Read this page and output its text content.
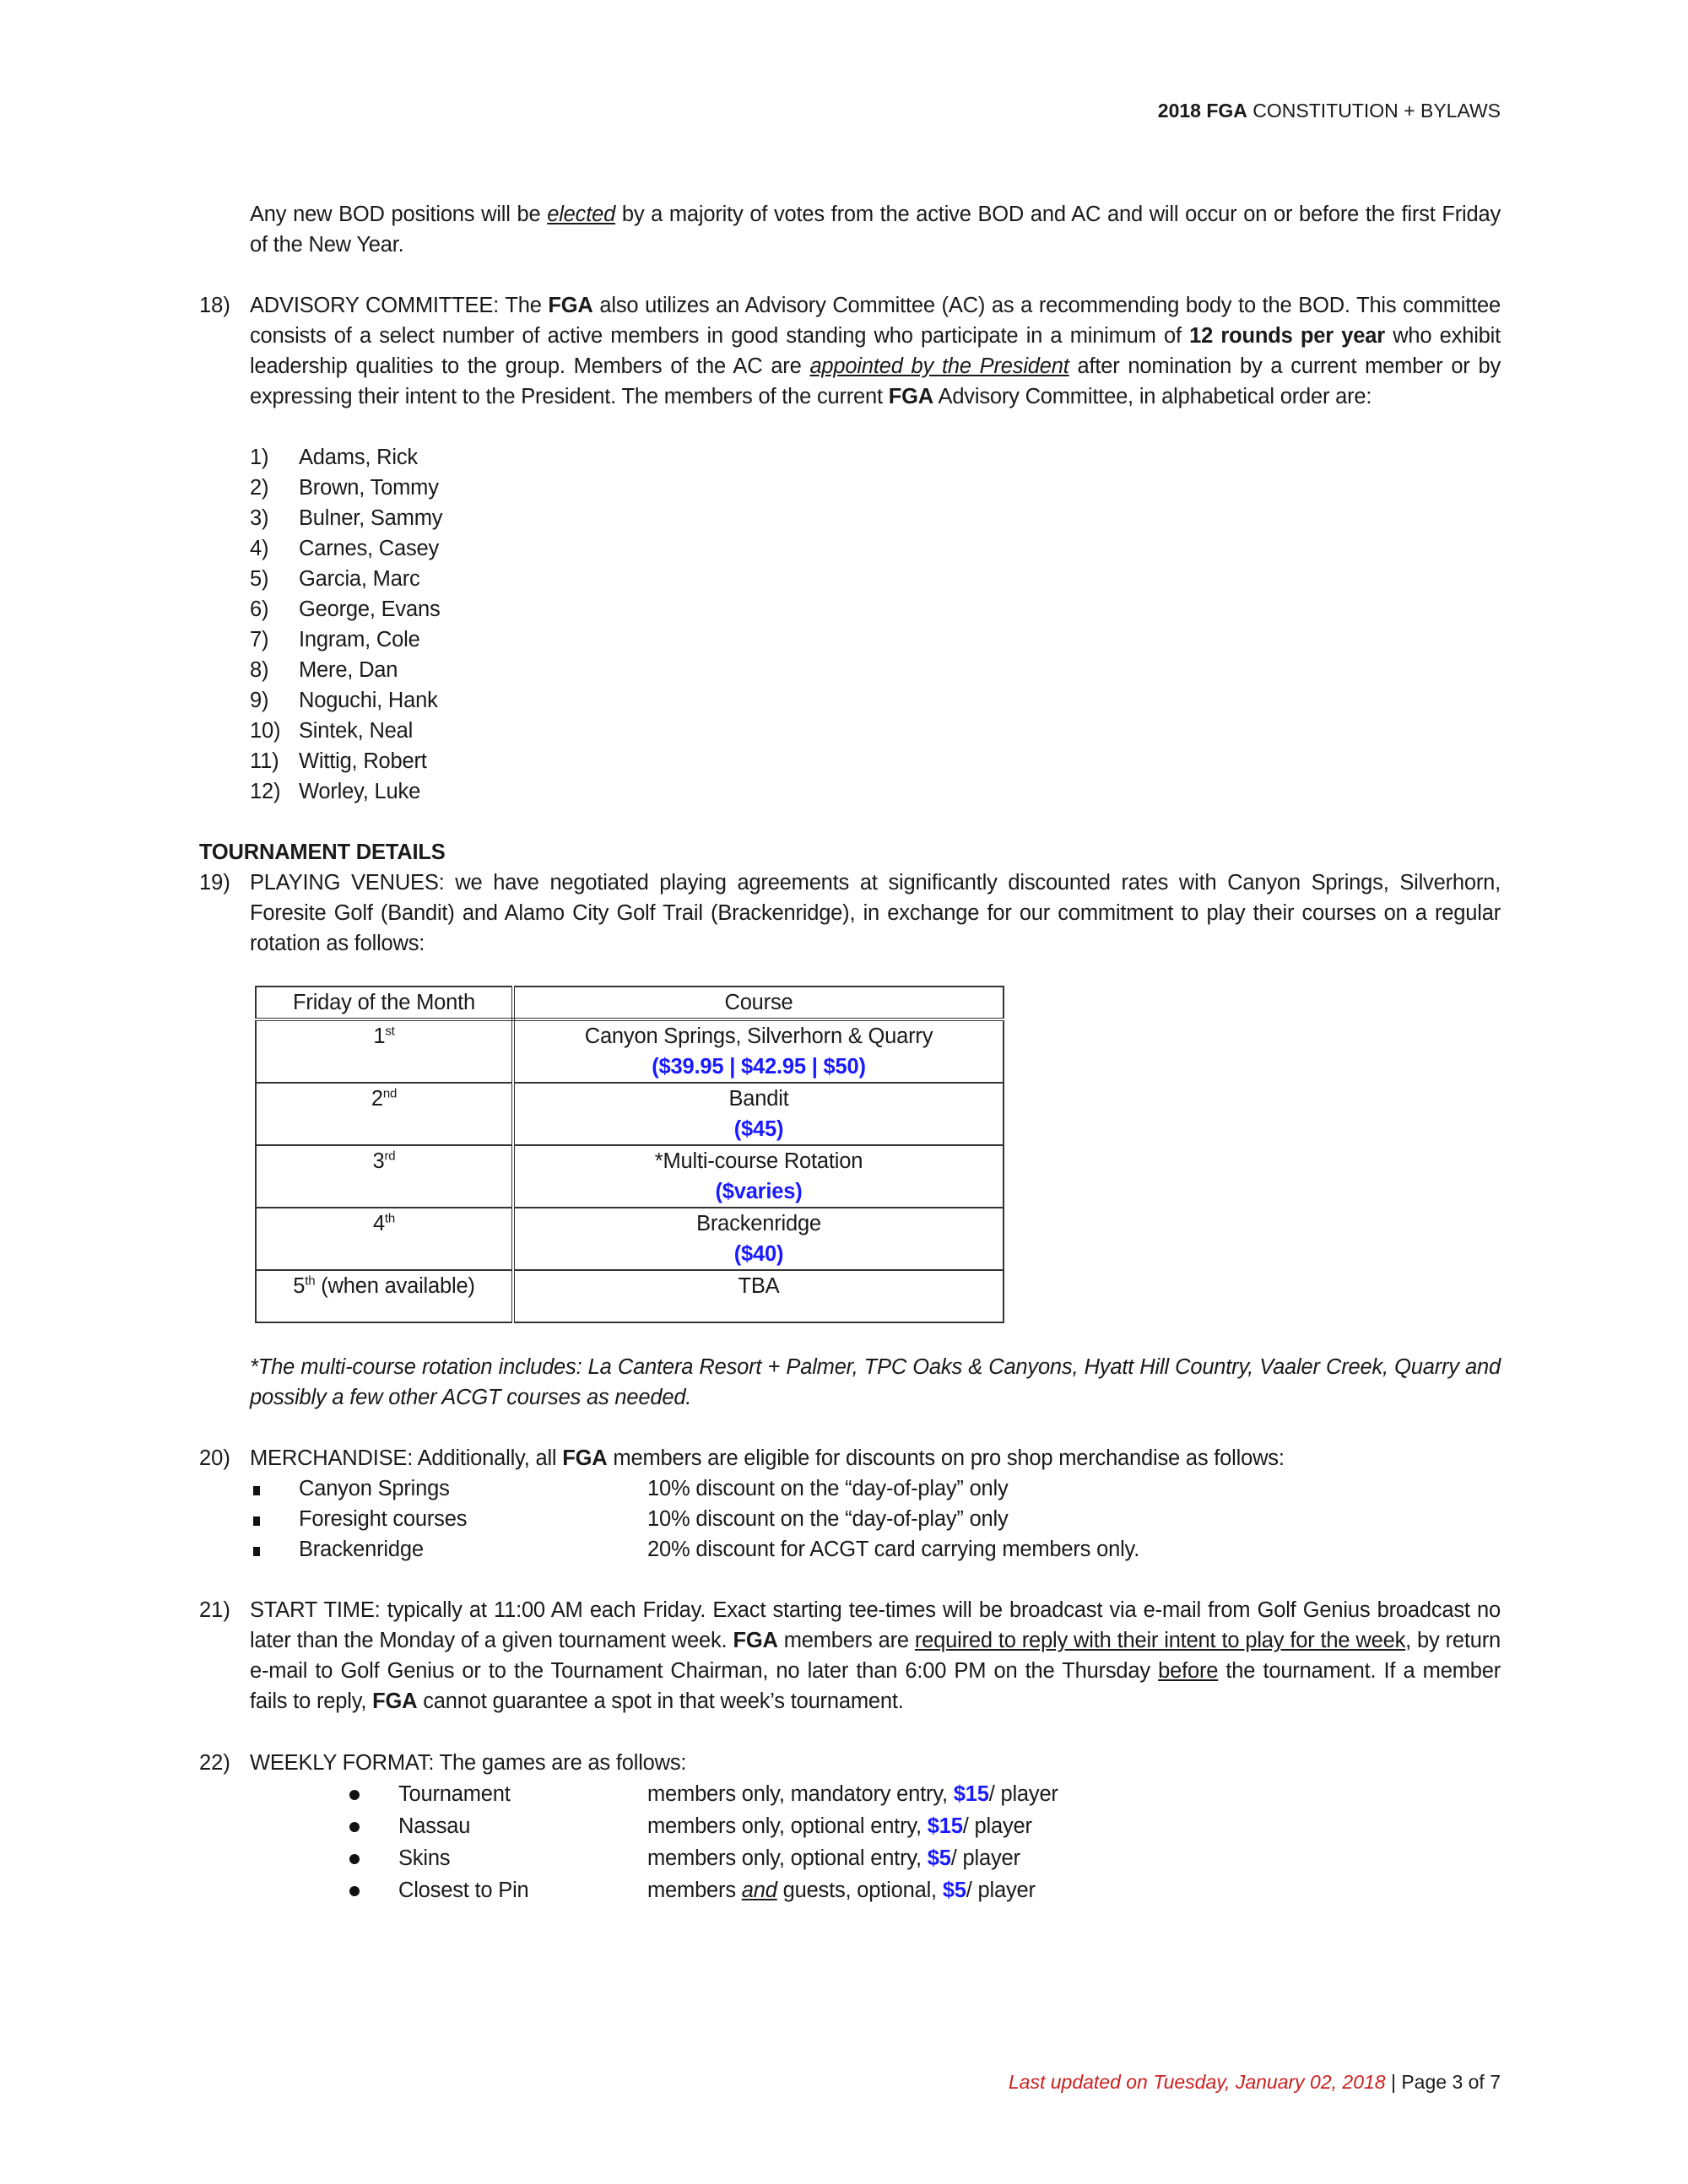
2018 FGA CONSTITUTION + BYLAWS
Any new BOD positions will be elected by a majority of votes from the active BOD and AC and will occur on or before the first Friday of the New Year.
18) ADVISORY COMMITTEE: The FGA also utilizes an Advisory Committee (AC) as a recommending body to the BOD. This committee consists of a select number of active members in good standing who participate in a minimum of 12 rounds per year who exhibit leadership qualities to the group. Members of the AC are appointed by the President after nomination by a current member or by expressing their intent to the President. The members of the current FGA Advisory Committee, in alphabetical order are:
1) Adams, Rick
2) Brown, Tommy
3) Bulner, Sammy
4) Carnes, Casey
5) Garcia, Marc
6) George, Evans
7) Ingram, Cole
8) Mere, Dan
9) Noguchi, Hank
10) Sintek, Neal
11) Wittig, Robert
12) Worley, Luke
TOURNAMENT DETAILS
19) PLAYING VENUES: we have negotiated playing agreements at significantly discounted rates with Canyon Springs, Silverhorn, Foresite Golf (Bandit) and Alamo City Golf Trail (Brackenridge), in exchange for our commitment to play their courses on a regular rotation as follows:
Friday of the Month	Course
1st	Canyon Springs, Silverhorn & Quarry
($39.95 | $42.95 | $50)

2nd	Bandit
($45)

3rd	*Multi-course Rotation
($varies)

4th	Brackenridge
($40)

5th (when available)	TBA
*The multi-course rotation includes: La Cantera Resort + Palmer, TPC Oaks & Canyons, Hyatt Hill Country, Vaaler Creek, Quarry and possibly a few other ACGT courses as needed.
20) MERCHANDISE: Additionally, all FGA members are eligible for discounts on pro shop merchandise as follows:
Canyon Springs	10% discount on the “day-of-play” only
Foresight courses	10% discount on the “day-of-play” only
Brackenridge	20% discount for ACGT card carrying members only.
21) START TIME: typically at 11:00 AM each Friday. Exact starting tee-times will be broadcast via e-mail from Golf Genius broadcast no later than the Monday of a given tournament week. FGA members are required to reply with their intent to play for the week, by return e-mail to Golf Genius or to the Tournament Chairman, no later than 6:00 PM on the Thursday before the tournament. If a member fails to reply, FGA cannot guarantee a spot in that week’s tournament.
22) WEEKLY FORMAT: The games are as follows:
Tournament	members only, mandatory entry, $15/ player
Nassau	members only, optional entry, $15/ player
Skins	members only, optional entry, $5/ player
Closest to Pin	members and guests, optional, $5/ player
Last updated on Tuesday, January 02, 2018 | Page 3 of 7
